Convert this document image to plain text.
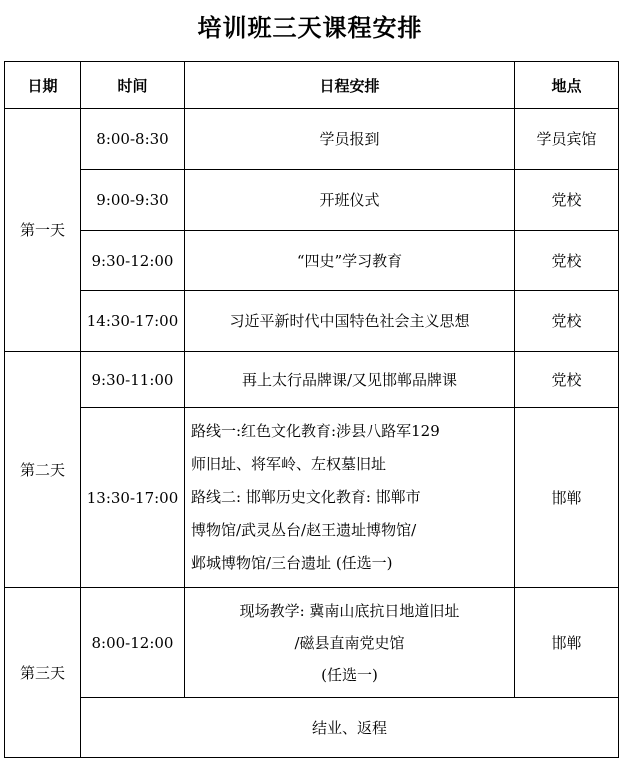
培训班三天课程安排
日期	时间	日程安排	地点
第一天	8:00-8:30	学员报到	学员宾馆
	9:00-9:30	开班仪式	党校
	9:30-12:00	“四史”学习教育	党校
	14:30-17:00	习近平新时代中国特色社会主义思想	党校
第二天	9:30-11:00	再上太行品牌课/又见邯郸品牌课	党校
	13:30-17:00	路线一:红色文化教育:涉县八路军129
师旧址、将军岭、左权墓旧址
路线二: 邯郸历史文化教育: 邯郸市
博物馆/武灵丛台/赵王遗址博物馆/
邺城博物馆/三台遗址 (任选一)	邯郸
第三天	8:00-12:00	现场教学: 冀南山底抗日地道旧址
/磁县直南党史馆
(任选一)	邯郸
	结业、返程		
